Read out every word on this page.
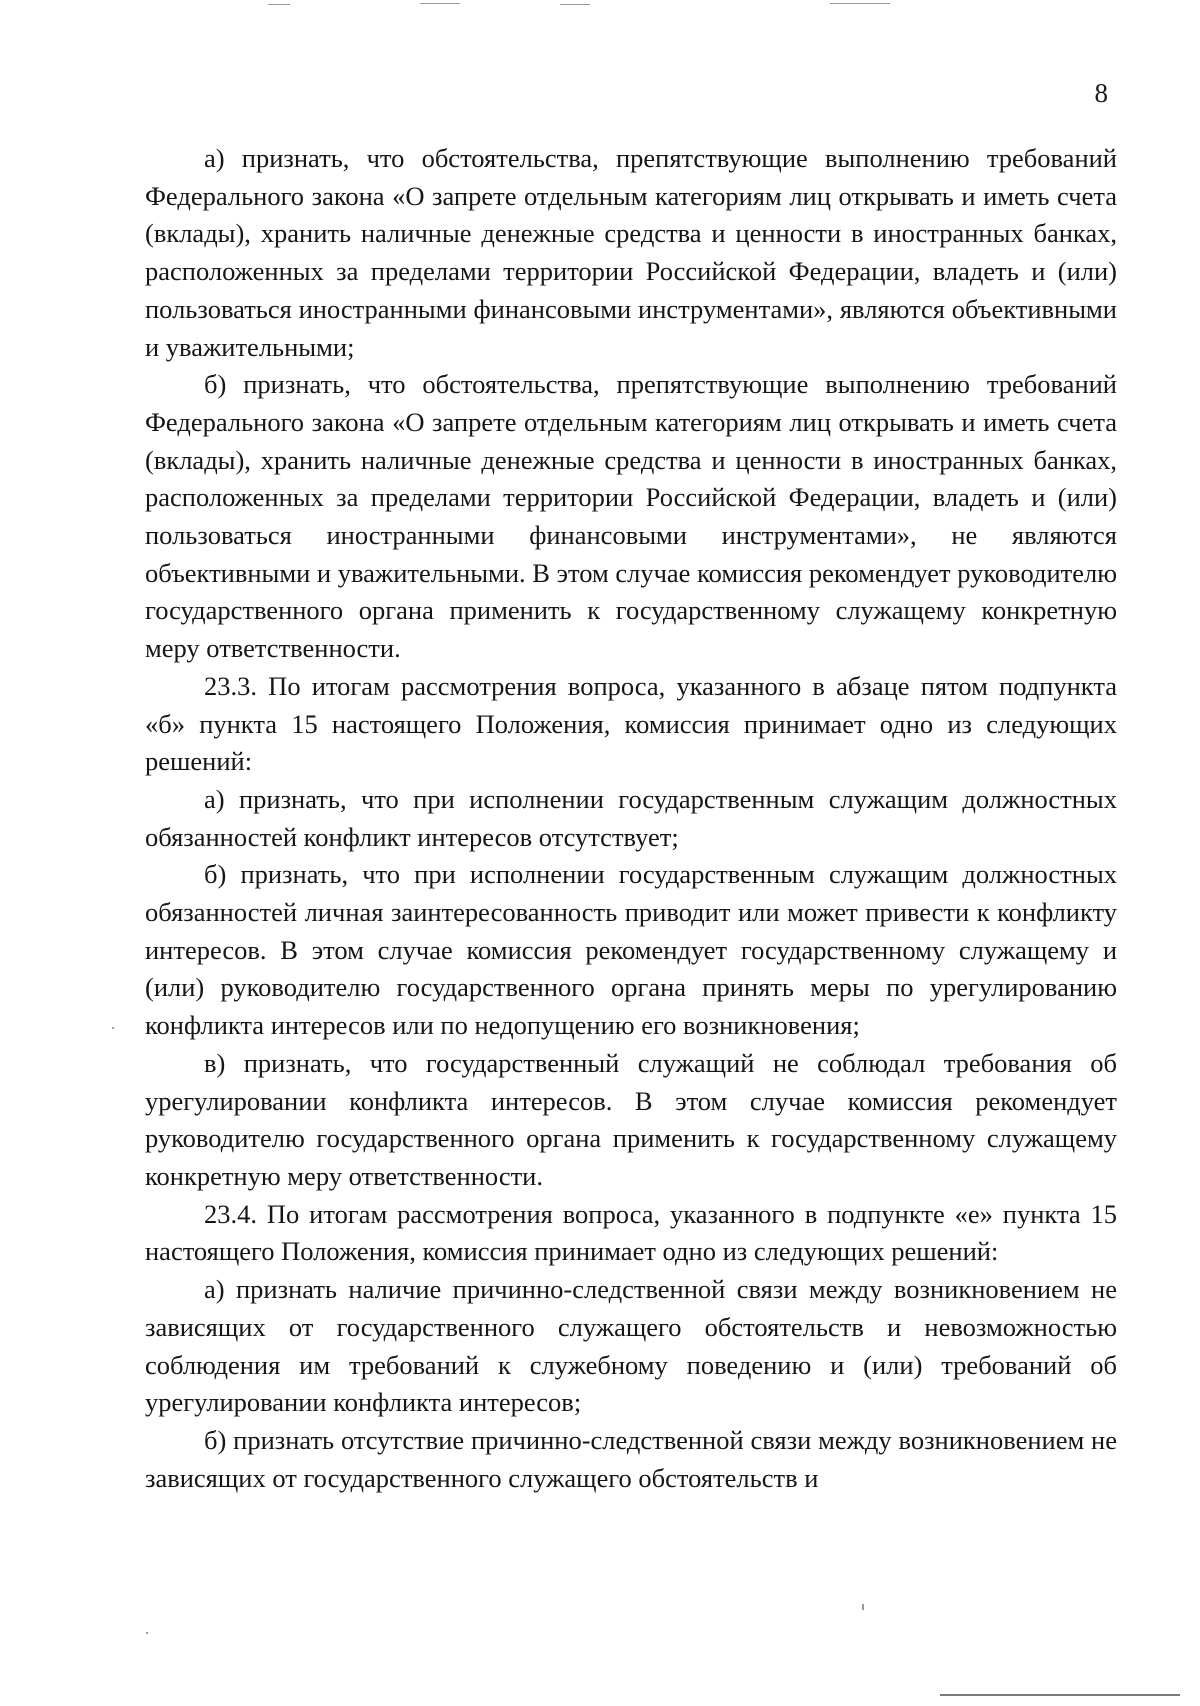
8

а) признать, что обстоятельства, препятствующие выполнению требований Федерального закона «О запрете отдельным категориям лиц открывать и иметь счета (вклады), хранить наличные денежные средства и ценности в иностранных банках, расположенных за пределами территории Российской Федерации, владеть и (или) пользоваться иностранными финансовыми инструментами», являются объективными и уважительными;

б) признать, что обстоятельства, препятствующие выполнению требований Федерального закона «О запрете отдельным категориям лиц открывать и иметь счета (вклады), хранить наличные денежные средства и ценности в иностранных банках, расположенных за пределами территории Российской Федерации, владеть и (или) пользоваться иностранными финансовыми инструментами», не являются объективными и уважительными. В этом случае комиссия рекомендует руководителю государственного органа применить к государственному служащему конкретную меру ответственности.

23.3. По итогам рассмотрения вопроса, указанного в абзаце пятом подпункта «б» пункта 15 настоящего Положения, комиссия принимает одно из следующих решений:

а) признать, что при исполнении государственным служащим должностных обязанностей конфликт интересов отсутствует;

б) признать, что при исполнении государственным служащим должностных обязанностей личная заинтересованность приводит или может привести к конфликту интересов. В этом случае комиссия рекомендует государственному служащему и (или) руководителю государственного органа принять меры по урегулированию конфликта интересов или по недопущению его возникновения;

в) признать, что государственный служащий не соблюдал требования об урегулировании конфликта интересов. В этом случае комиссия рекомендует руководителю государственного органа применить к государственному служащему конкретную меру ответственности.

23.4. По итогам рассмотрения вопроса, указанного в подпункте «е» пункта 15 настоящего Положения, комиссия принимает одно из следующих решений:

а) признать наличие причинно-следственной связи между возникновением не зависящих от государственного служащего обстоятельств и невозможностью соблюдения им требований к служебному поведению и (или) требований об урегулировании конфликта интересов;

б) признать отсутствие причинно-следственной связи между возникновением не зависящих от государственного служащего обстоятельств и
